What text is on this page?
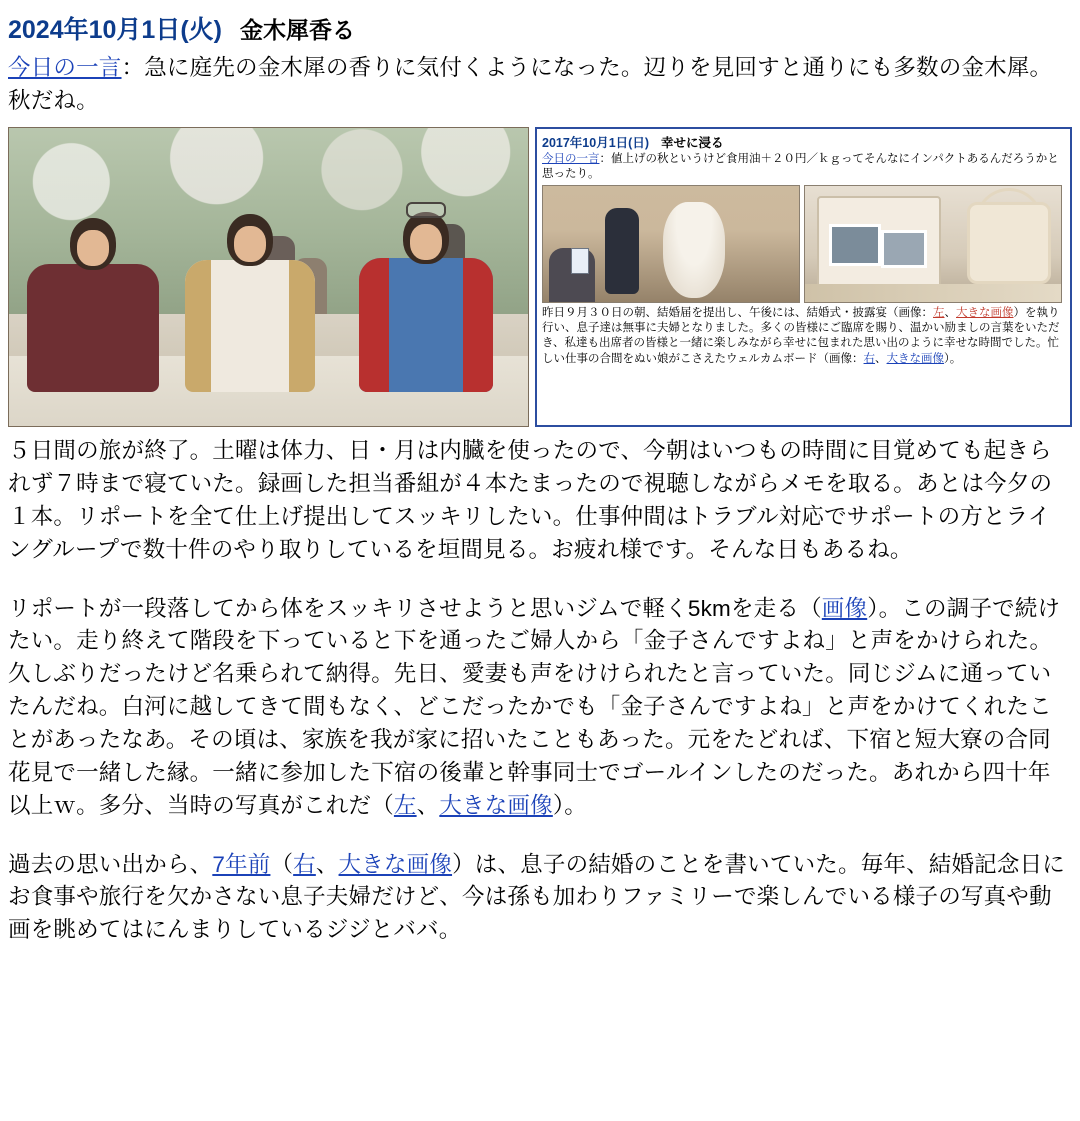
2024年10月1日(火) 金木犀香る
今日の一言：急に庭先の金木犀の香りに気付くようになった。辺りを見回すと通りにも多数の金木犀。秋だね。
2017年10月1日(日) 幸せに浸る
今日の一言：値上げの秋というけど食用油＋２０円／ｋｇってそんなにインパクトあるんだろうかと思ったり。
昨日９月３０日の朝、結婚届を提出し、午後には、結婚式・披露宴（画像：左、大きな画像）を執り行い、息子達は無事に夫婦となりました。多くの皆様にご臨席を賜り、温かい励ましの言葉をいただき、私達も出席者の皆様と一緒に楽しみながら幸せに包まれた思い出のように幸せな時間でした。忙しい仕事の合間をぬい娘がこさえたウェルカムボード（画像：右、大きな画像）。
５日間の旅が終了。土曜は体力、日・月は内臓を使ったので、今朝はいつもの時間に目覚めても起きられず７時まで寝ていた。録画した担当番組が４本たまったので視聴しながらメモを取る。あとは今夕の１本。リポートを全て仕上げ提出してスッキリしたい。仕事仲間はトラブル対応でサポートの方とライングループで数十件のやり取りしているを垣間見る。お疲れ様です。そんな日もあるね。
リポートが一段落してから体をスッキリさせようと思いジムで軽く5kmを走る（画像）。この調子で続けたい。走り終えて階段を下っていると下を通ったご婦人から「金子さんですよね」と声をかけられた。久しぶりだったけど名乗られて納得。先日、愛妻も声をけけられたと言っていた。同じジムに通っていたんだね。白河に越してきて間もなく、どこだったかでも「金子さんですよね」と声をかけてくれたことがあったなあ。その頃は、家族を我が家に招いたこともあった。元をたどれば、下宿と短大寮の合同花見で一緒した縁。一緒に参加した下宿の後輩と幹事同士でゴールインしたのだった。あれから四十年以上ｗ。多分、当時の写真がこれだ（左、大きな画像）。
過去の思い出から、7年前（右、大きな画像）は、息子の結婚のことを書いていた。毎年、結婚記念日にお食事や旅行を欠かさない息子夫婦だけど、今は孫も加わりファミリーで楽しんでいる様子の写真や動画を眺めてはにんまりしているジジとババ。
